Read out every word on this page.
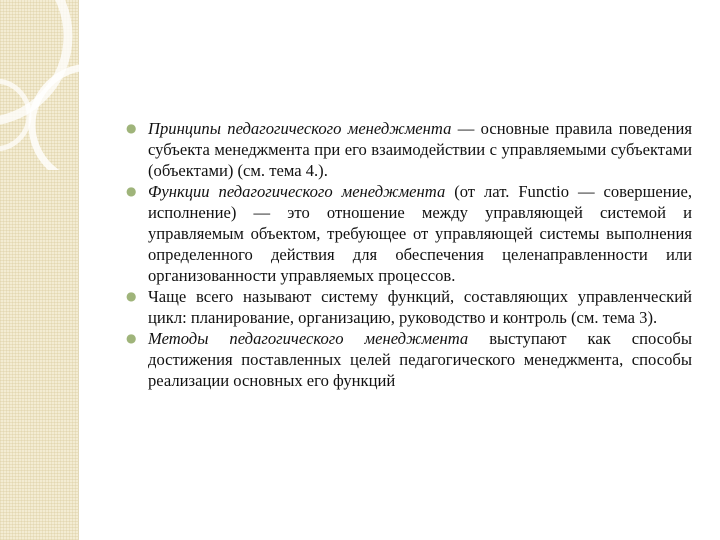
● Принципы педагогического менеджмента — основные правила поведения субъекта менеджмента при его взаимодействии с управляемыми субъектами (объектами) (см. тема 4.).

● Функции педагогического менеджмента (от лат. Functio — совершение, исполнение) — это отношение между управляющей системой и управляемым объектом, требующее от управляющей системы выполнения определенного действия для обеспечения целенаправленности или организованности управляемых процессов.

● Чаще всего называют систему функций, составляющих управленческий цикл: планирование, организацию, руководство и контроль (см. тема 3).

● Методы педагогического менеджмента выступают как способы достижения поставленных целей педагогического менеджмента, способы реализации основных его функций
